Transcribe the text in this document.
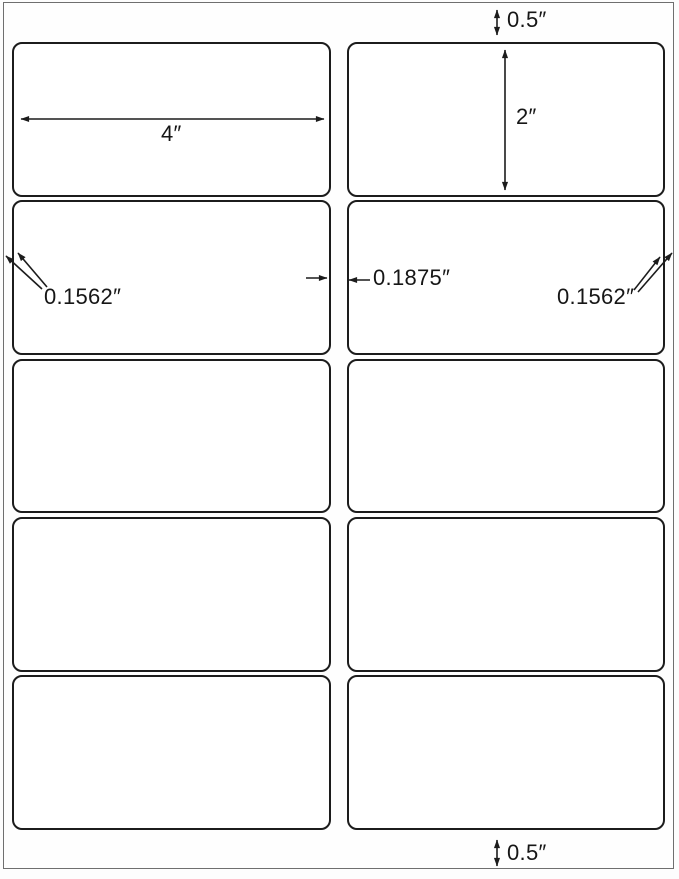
0.5″
2″
4″
0.1562″
0.1875″
0.1562″
0.5″
